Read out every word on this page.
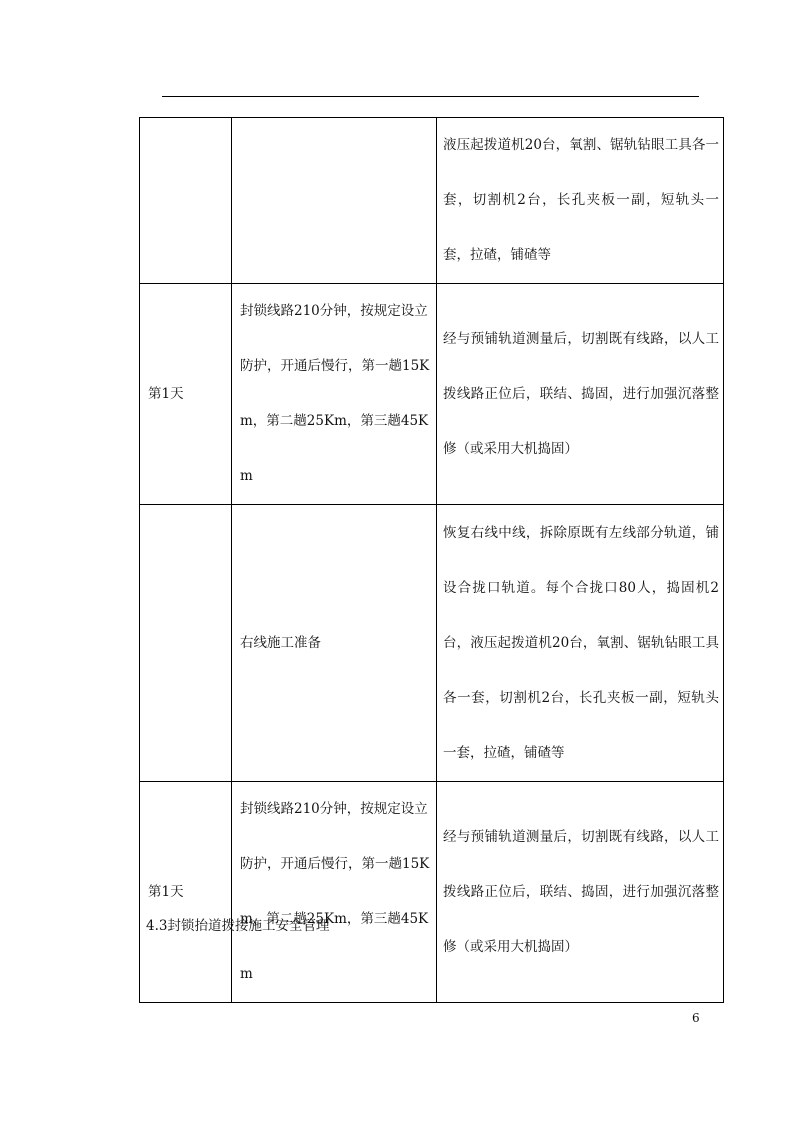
		液压起拨道机20台，氧割、锯轨钻眼工具各一套，切割机2台，长孔夹板一副，短轨头一套，拉碴，铺碴等
第1天	封锁线路210分钟，按规定设立防护，开通后慢行，第一趟15Km，第二趟25Km，第三趟45Km	经与预铺轨道测量后，切割既有线路，以人工拨线路正位后，联结、捣固，进行加强沉落整修（或采用大机捣固）
	右线施工准备	恢复右线中线，拆除原既有左线部分轨道，铺设合拢口轨道。每个合拢口80人，捣固机2台，液压起拨道机20台，氧割、锯轨钻眼工具各一套，切割机2台，长孔夹板一副，短轨头一套，拉碴，铺碴等
第1天	封锁线路210分钟，按规定设立防护，开通后慢行，第一趟15Km，第二趟25Km，第三趟45Km	经与预铺轨道测量后，切割既有线路，以人工拨线路正位后，联结、捣固，进行加强沉落整修（或采用大机捣固）
4.3封锁抬道拨接施工安全管理
6
